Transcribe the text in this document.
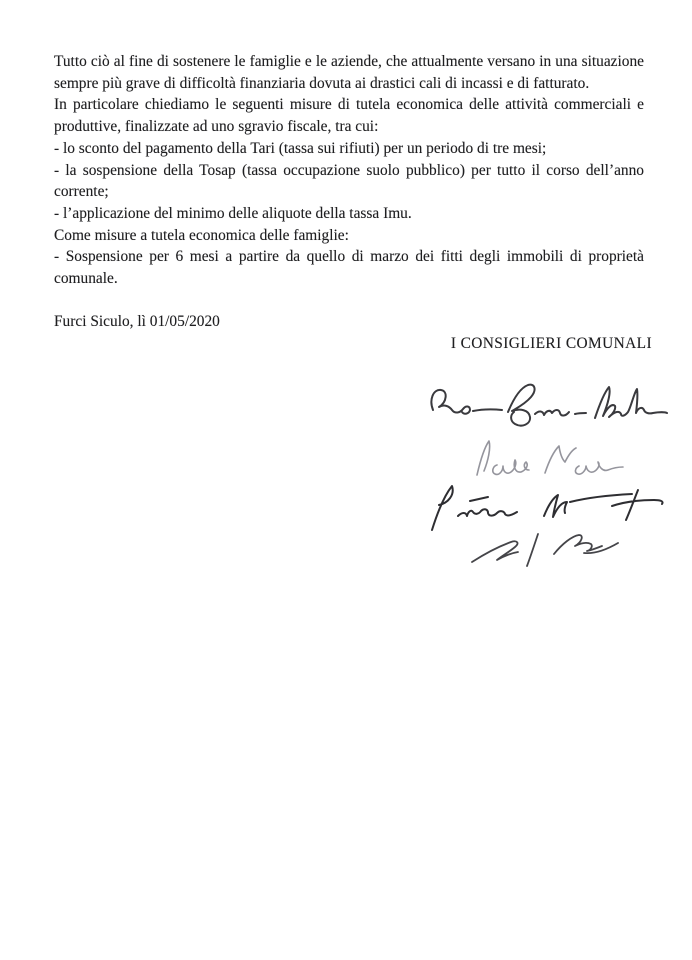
Tutto ciò al fine di sostenere le famiglie e le aziende, che attualmente versano in una situazione sempre più grave di difficoltà finanziaria dovuta ai drastici cali di incassi e di fatturato.

In particolare chiediamo le seguenti misure di tutela economica delle attività commerciali e produttive, finalizzate ad uno sgravio fiscale, tra cui:

- lo sconto del pagamento della Tari (tassa sui rifiuti) per un periodo di tre mesi;

- la sospensione della Tosap (tassa occupazione suolo pubblico) per tutto il corso dell’anno corrente;

- l’applicazione del minimo delle aliquote della tassa Imu.

Come misure a tutela economica delle famiglie:

- Sospensione per 6 mesi a partire da quello di marzo dei fitti degli immobili di proprietà comunale.

Furci Siculo, lì 01/05/2020

I CONSIGLIERI COMUNALI
